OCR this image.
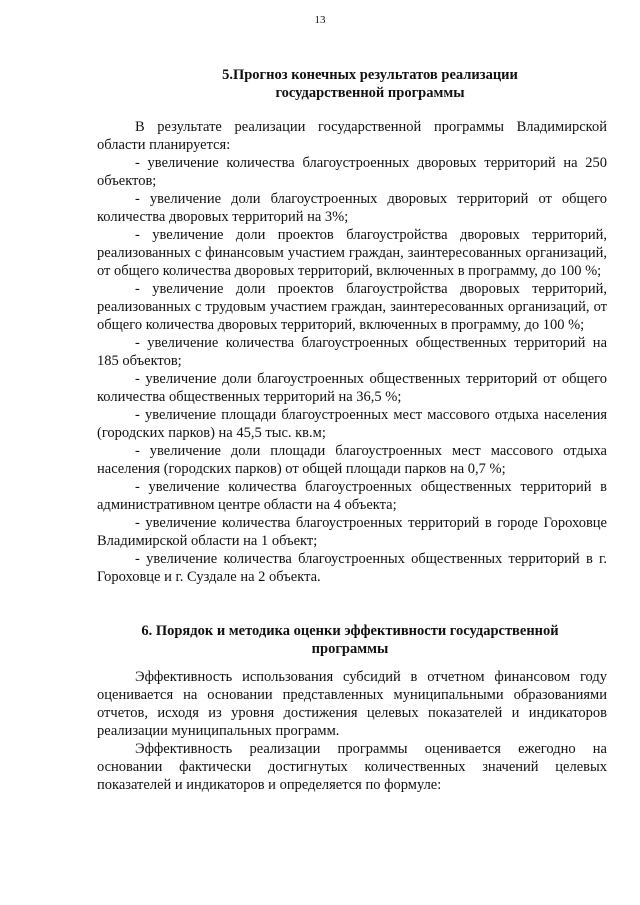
13
5.Прогноз конечных результатов реализации
государственной программы

В результате реализации государственной программы Владимирской области планируется:

- увеличение количества благоустроенных дворовых территорий на 250 объектов;

- увеличение доли благоустроенных дворовых территорий от общего количества дворовых территорий на 3%;

- увеличение доли проектов благоустройства дворовых территорий, реализованных с финансовым участием граждан, заинтересованных организаций, от общего количества дворовых территорий, включенных в программу, до 100 %;

- увеличение доли проектов благоустройства дворовых территорий, реализованных с трудовым участием граждан, заинтересованных организаций, от общего количества дворовых территорий, включенных в программу, до 100 %;

- увеличение количества благоустроенных общественных территорий на 185 объектов;

- увеличение доли благоустроенных общественных территорий от общего количества общественных территорий на 36,5 %;

- увеличение площади благоустроенных мест массового отдыха населения (городских парков) на 45,5 тыс. кв.м;

- увеличение доли площади благоустроенных мест массового отдыха населения (городских парков) от общей площади парков на 0,7 %;

- увеличение количества благоустроенных общественных территорий в административном центре области на 4 объекта;

- увеличение количества благоустроенных территорий в городе Гороховце Владимирской области на 1 объект;

- увеличение количества благоустроенных общественных территорий в г. Гороховце и г. Суздале на 2 объекта.

6. Порядок и методика оценки эффективности государственной
программы

Эффективность использования субсидий в отчетном финансовом году оценивается на основании представленных муниципальными образованиями отчетов, исходя из уровня достижения целевых показателей и индикаторов реализации муниципальных программ.

Эффективность реализации программы оценивается ежегодно на основании фактически достигнутых количественных значений целевых показателей и индикаторов и определяется по формуле:
